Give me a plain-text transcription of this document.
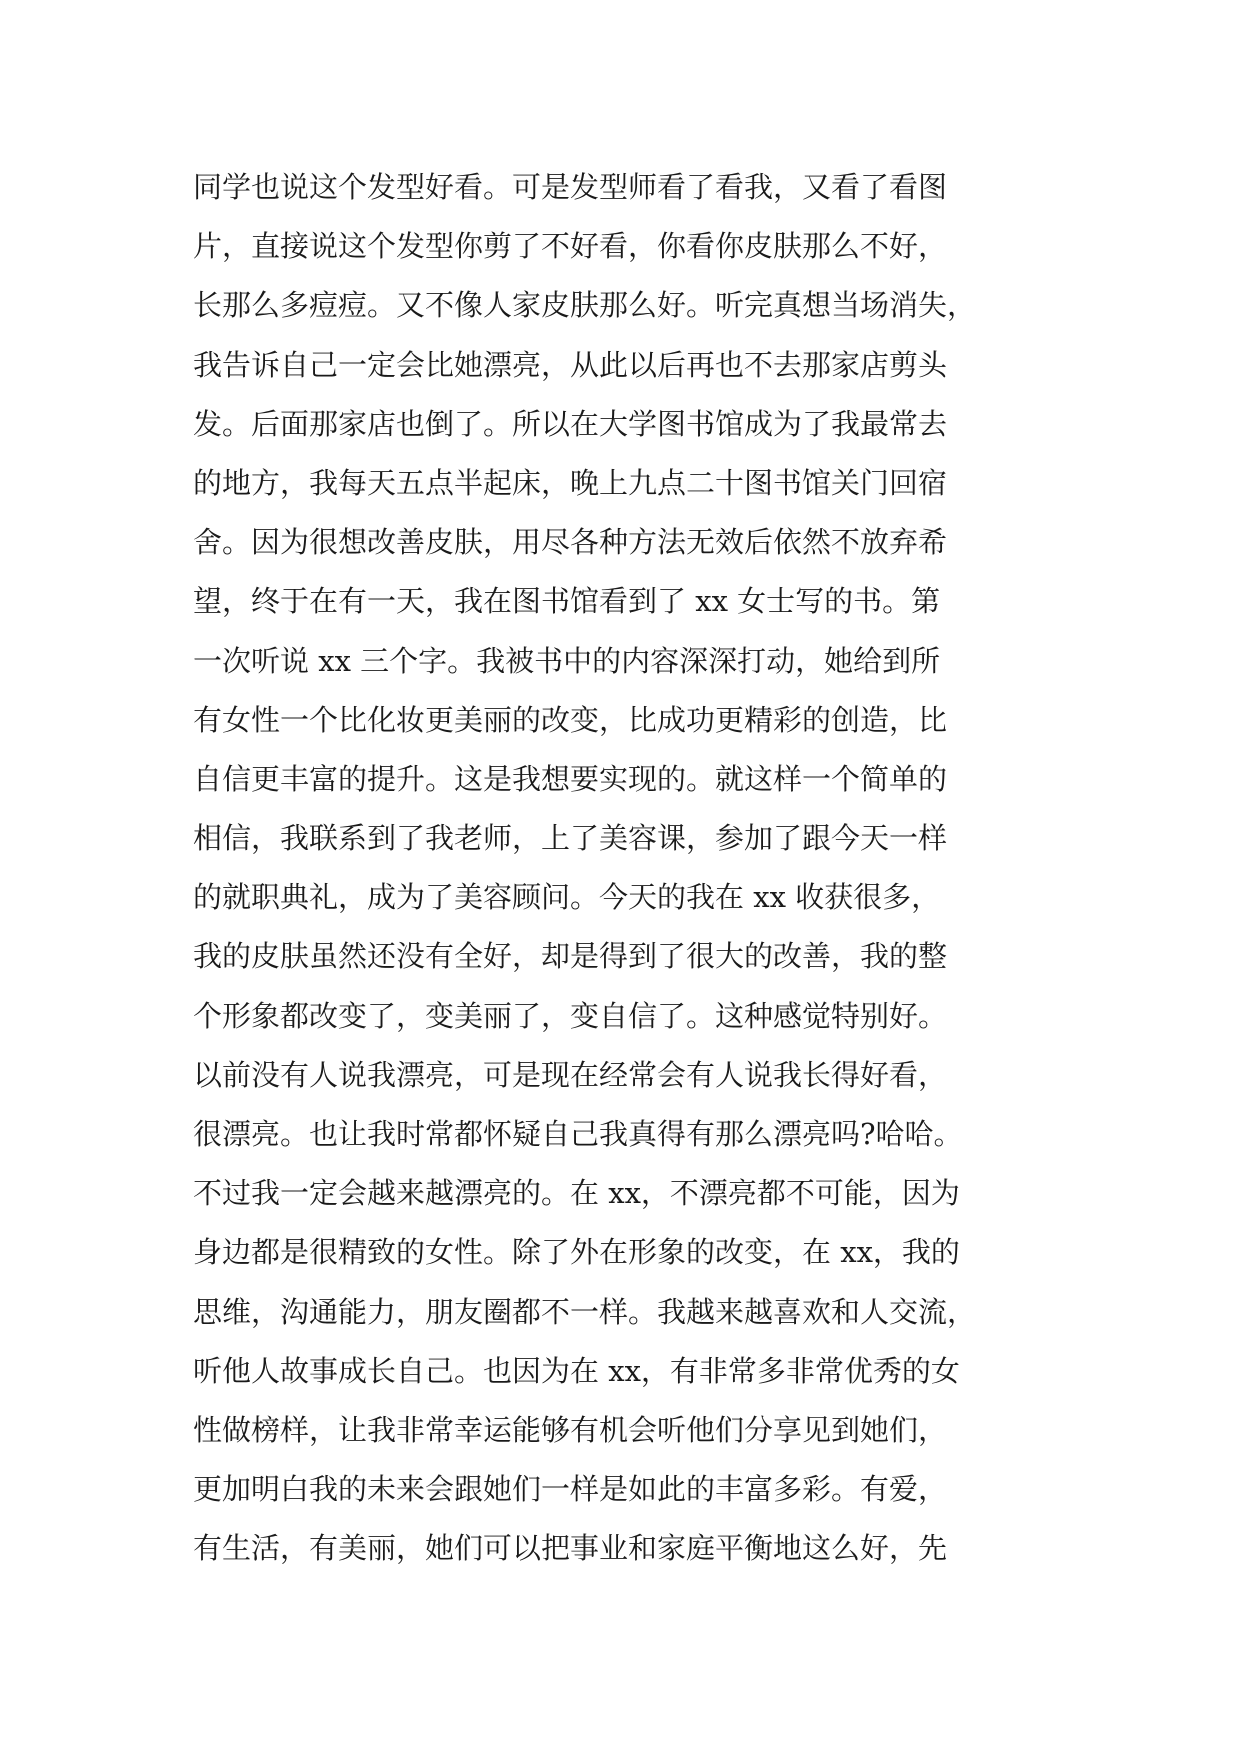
同学也说这个发型好看。可是发型师看了看我，又看了看图
片，直接说这个发型你剪了不好看，你看你皮肤那么不好，
长那么多痘痘。又不像人家皮肤那么好。听完真想当场消失，
我告诉自己一定会比她漂亮，从此以后再也不去那家店剪头
发。后面那家店也倒了。所以在大学图书馆成为了我最常去
的地方，我每天五点半起床，晚上九点二十图书馆关门回宿
舍。因为很想改善皮肤，用尽各种方法无效后依然不放弃希
望，终于在有一天，我在图书馆看到了 xx 女士写的书。第
一次听说 xx 三个字。我被书中的内容深深打动，她给到所
有女性一个比化妆更美丽的改变，比成功更精彩的创造，比
自信更丰富的提升。这是我想要实现的。就这样一个简单的
相信，我联系到了我老师，上了美容课，参加了跟今天一样
的就职典礼，成为了美容顾问。今天的我在 xx 收获很多，
我的皮肤虽然还没有全好，却是得到了很大的改善，我的整
个形象都改变了，变美丽了，变自信了。这种感觉特别好。
以前没有人说我漂亮，可是现在经常会有人说我长得好看，
很漂亮。也让我时常都怀疑自己我真得有那么漂亮吗?哈哈。
不过我一定会越来越漂亮的。在 xx，不漂亮都不可能，因为
身边都是很精致的女性。除了外在形象的改变，在 xx，我的
思维，沟通能力，朋友圈都不一样。我越来越喜欢和人交流，
听他人故事成长自己。也因为在 xx，有非常多非常优秀的女
性做榜样，让我非常幸运能够有机会听他们分享见到她们，
更加明白我的未来会跟她们一样是如此的丰富多彩。有爱，
有生活，有美丽，她们可以把事业和家庭平衡地这么好，先
